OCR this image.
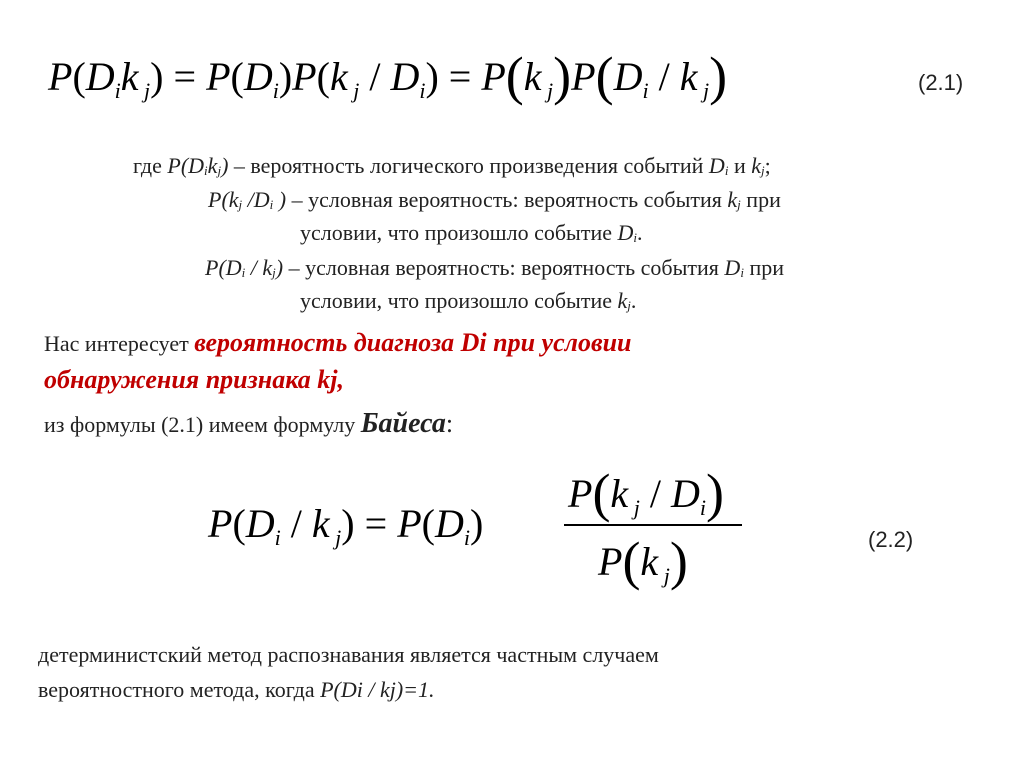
$P(D_ik$ $_j) = P(D_i)P(k$ $_j / D_i) = P(k$ $_j)P(D_i$ / k $_j$)	(2.1)
где $P(D_ik_j)$ – вероятность логического произведения событий $D_i$ и $k_j$;
$P(k_j$ $/D_i$ ) – условная вероятность: вероятность события $k_j$ при
условии, что произошло событие $D_i$.
$P(D_i / k_j)$ – условная вероятность: вероятность события $D_i$ при
условии, что произошло событие $k_j$.
Нас интересует вероятность диагноза Di при условии
обнаружения признака kj,
из формулы (2.1) имеем формулу Байеса:
$P(D_i$ / k $_j) = P(D_i)$
P(k $_j / D_i$)
P(k $_j$)	(2.2)
детерминистский метод распознавания является частным случаем
вероятностного метода, когда P(Di / kj)=1.
